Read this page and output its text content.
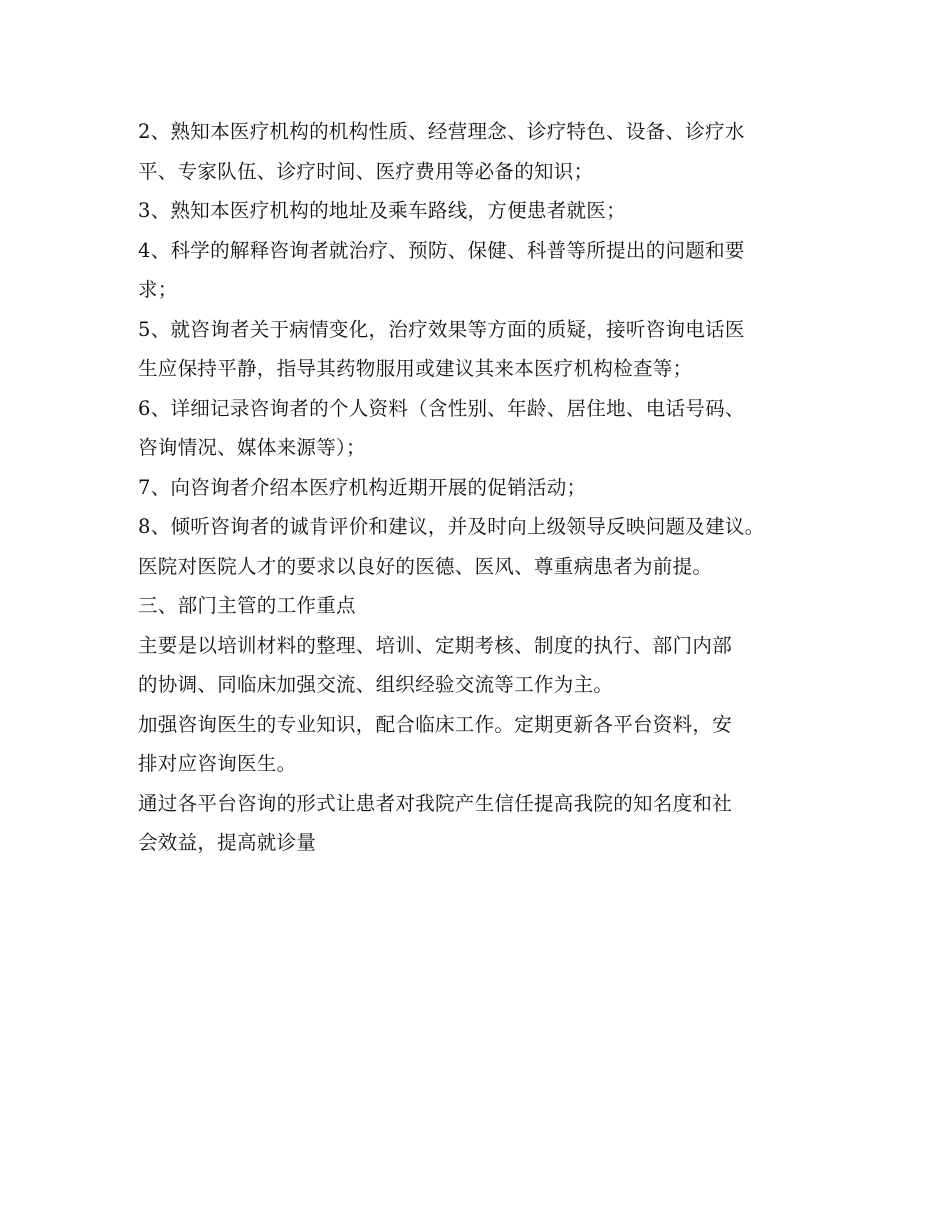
2、熟知本医疗机构的机构性质、经营理念、诊疗特色、设备、诊疗水
平、专家队伍、诊疗时间、医疗费用等必备的知识；
3、熟知本医疗机构的地址及乘车路线，方便患者就医；
4、科学的解释咨询者就治疗、预防、保健、科普等所提出的问题和要
求；
5、就咨询者关于病情变化，治疗效果等方面的质疑，接听咨询电话医
生应保持平静，指导其药物服用或建议其来本医疗机构检查等；
6、详细记录咨询者的个人资料（含性别、年龄、居住地、电话号码、
咨询情况、媒体来源等）；
7、向咨询者介绍本医疗机构近期开展的促销活动；
8、倾听咨询者的诚肯评价和建议，并及时向上级领导反映问题及建议。
医院对医院人才的要求以良好的医德、医风、尊重病患者为前提。
三、部门主管的工作重点
主要是以培训材料的整理、培训、定期考核、制度的执行、部门内部
的协调、同临床加强交流、组织经验交流等工作为主。
加强咨询医生的专业知识，配合临床工作。定期更新各平台资料，安
排对应咨询医生。
通过各平台咨询的形式让患者对我院产生信任提高我院的知名度和社
会效益，提高就诊量
